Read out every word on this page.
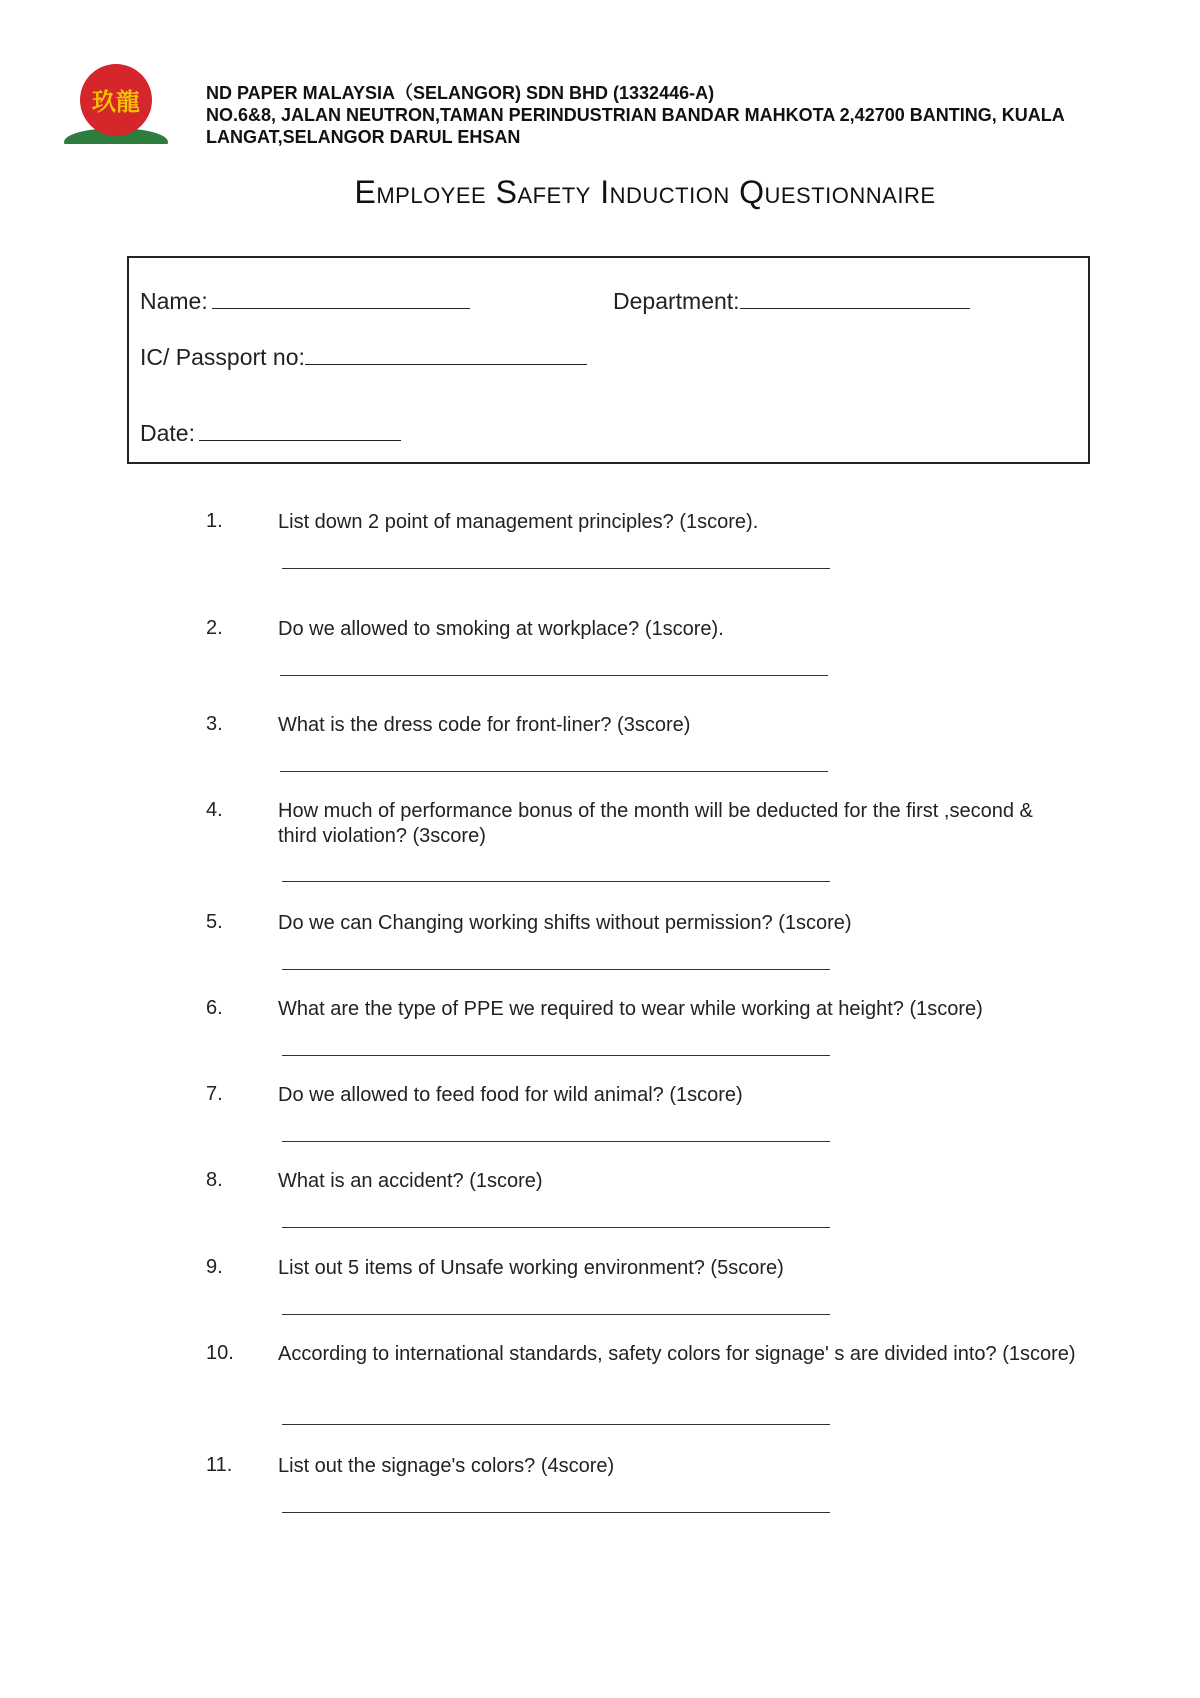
玖龍	ND PAPER MALAYSIA（SELANGOR) SDN BHD (1332446-A)
NO.6&8, JALAN NEUTRON,TAMAN PERINDUSTRIAN BANDAR MAHKOTA 2,42700 BANTING, KUALA
LANGAT,SELANGOR DARUL EHSAN
Employee Safety Induction Questionnaire
Name:	Department:
IC/ Passport no:
Date:
1.	List down 2 point of management principles? (1score).
2.	Do we allowed to smoking at workplace? (1score).
3.	What is the dress code for front-liner? (3score)
4.	How much of performance bonus of the month will be deducted for the first ,second & third violation? (3score)
5.	Do we can Changing working shifts without permission? (1score)
6.	What are the type of PPE we required to wear while working at height? (1score)
7.	Do we allowed to feed food for wild animal? (1score)
8.	What is an accident? (1score)
9.	List out 5 items of Unsafe working environment? (5score)
10. According to international standards, safety colors for signage' s are divided into? (1score)
11. List out the signage's colors? (4score)
